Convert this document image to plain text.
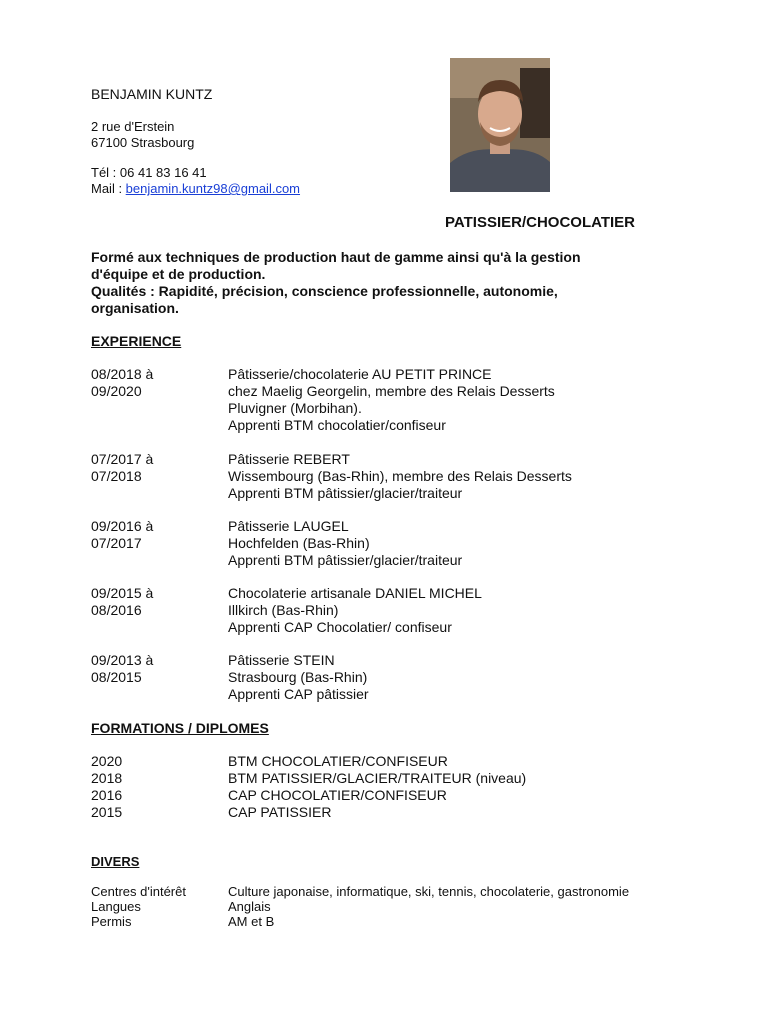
BENJAMIN KUNTZ
2 rue d'Erstein
67100 Strasbourg
Tél : 06 41 83 16 41
Mail : benjamin.kuntz98@gmail.com
PATISSIER/CHOCOLATIER
Formé aux techniques de production haut de gamme ainsi qu'à la gestion
d'équipe et de production.
Qualités : Rapidité, précision, conscience professionnelle, autonomie,
organisation.
EXPERIENCE
08/2018 à
09/2020
Pâtisserie/chocolaterie AU PETIT PRINCE
chez Maelig Georgelin, membre des Relais Desserts
Pluvigner (Morbihan).
Apprenti BTM chocolatier/confiseur
07/2017 à
07/2018
Pâtisserie REBERT
Wissembourg (Bas-Rhin), membre des Relais Desserts
Apprenti BTM pâtissier/glacier/traiteur
09/2016 à
07/2017
Pâtisserie LAUGEL
Hochfelden (Bas-Rhin)
Apprenti BTM pâtissier/glacier/traiteur
09/2015 à
08/2016
Chocolaterie artisanale DANIEL MICHEL
Illkirch (Bas-Rhin)
Apprenti CAP Chocolatier/ confiseur
09/2013 à
08/2015
Pâtisserie STEIN
Strasbourg (Bas-Rhin)
Apprenti CAP pâtissier
FORMATIONS / DIPLOMES
2020
2018
2016
2015
BTM CHOCOLATIER/CONFISEUR
BTM PATISSIER/GLACIER/TRAITEUR (niveau)
CAP CHOCOLATIER/CONFISEUR
CAP PATISSIER
DIVERS
Centres d'intérêt
Langues
Permis
Culture japonaise, informatique, ski, tennis, chocolaterie, gastronomie
Anglais
AM et B
